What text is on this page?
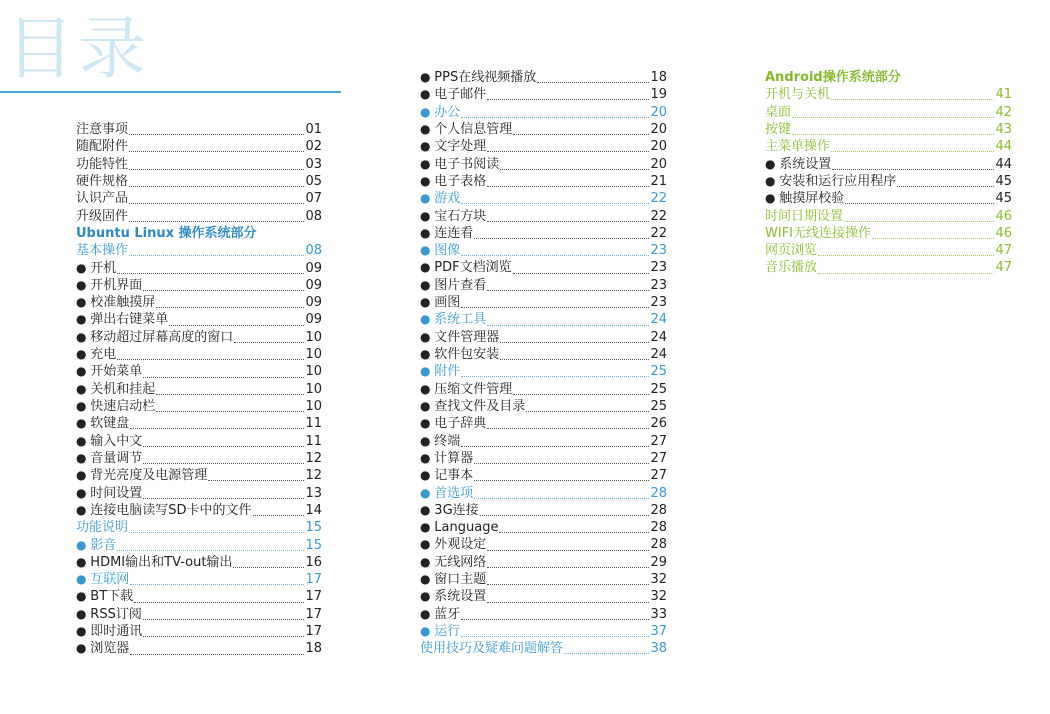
目录
注意事项	01
随配附件	02
功能特性	03
硬件规格	05
认识产品	07
升级固件	08
Ubuntu Linux 操作系统部分
基本操作	08
● 开机	09
● 开机界面	09
● 校准触摸屏	09
● 弹出右键菜单	09
● 移动超过屏幕高度的窗口	10
● 充电	10
● 开始菜单	10
● 关机和挂起	10
● 快速启动栏	10
● 软键盘	11
● 输入中文	11
● 音量调节	12
● 背光亮度及电源管理	12
● 时间设置	13
● 连接电脑读写SD卡中的文件	14
功能说明	15
● 影音	15
● HDMI输出和TV-out输出	16
● 互联网	17
● BT下载	17
● RSS订阅	17
● 即时通讯	17
● 浏览器	18
● PPS在线视频播放	18
● 电子邮件	19
● 办公	20
● 个人信息管理	20
● 文字处理	20
● 电子书阅读	20
● 电子表格	21
● 游戏	22
● 宝石方块	22
● 连连看	22
● 图像	23
● PDF文档浏览	23
● 图片查看	23
● 画图	23
● 系统工具	24
● 文件管理器	24
● 软件包安装	24
● 附件	25
● 压缩文件管理	25
● 查找文件及目录	25
● 电子辞典	26
● 终端	27
● 计算器	27
● 记事本	27
● 首选项	28
● 3G连接	28
● Language	28
● 外观设定	28
● 无线网络	29
● 窗口主题	32
● 系统设置	32
● 蓝牙	33
● 运行	37
使用技巧及疑难问题解答	38
Android操作系统部分
开机与关机	41
桌面	42
按键	43
主菜单操作	44
● 系统设置	44
● 安装和运行应用程序	45
● 触摸屏校验	45
时间日期设置	46
WIFI无线连接操作	46
网页浏览	47
音乐播放	47
